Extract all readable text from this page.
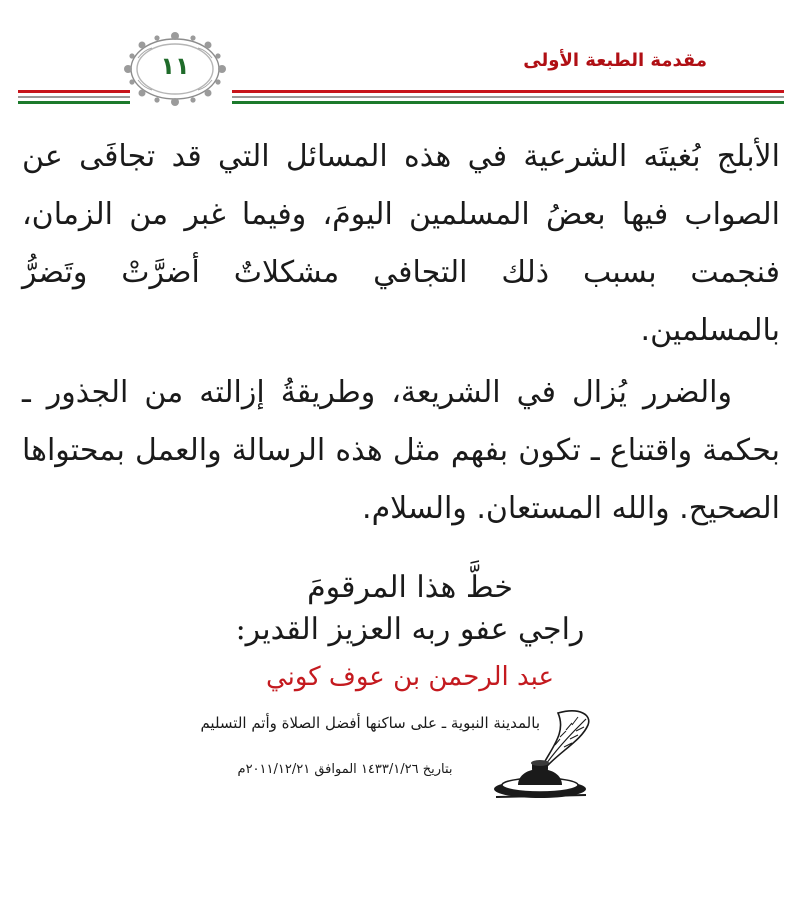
مقدمة الطبعة الأولى
١١

الأبلج بُغيتَه الشرعية في هذه المسائل التي قد تجافَى عن الصواب فيها بعضُ المسلمين اليومَ، وفيما غبر من الزمان، فنجمت بسبب ذلك التجافي مشكلاتٌ أضرَّتْ وتَضرُّ بالمسلمين.

والضرر يُزال في الشريعة، وطريقةُ إزالته من الجذور ـ بحكمة واقتناع ـ تكون بفهم مثل هذه الرسالة والعمل بمحتواها الصحيح. والله المستعان. والسلام.

خطَّ هذا المرقومَ
راجي عفو ربه العزيز القدير:
عبد الرحمن بن عوف كوني
بالمدينة النبوية ـ على ساكنها أفضل الصلاة وأتم التسليم
بتاريخ ١٤٣٣/١/٢٦ الموافق ٢٠١١/١٢/٢١م
